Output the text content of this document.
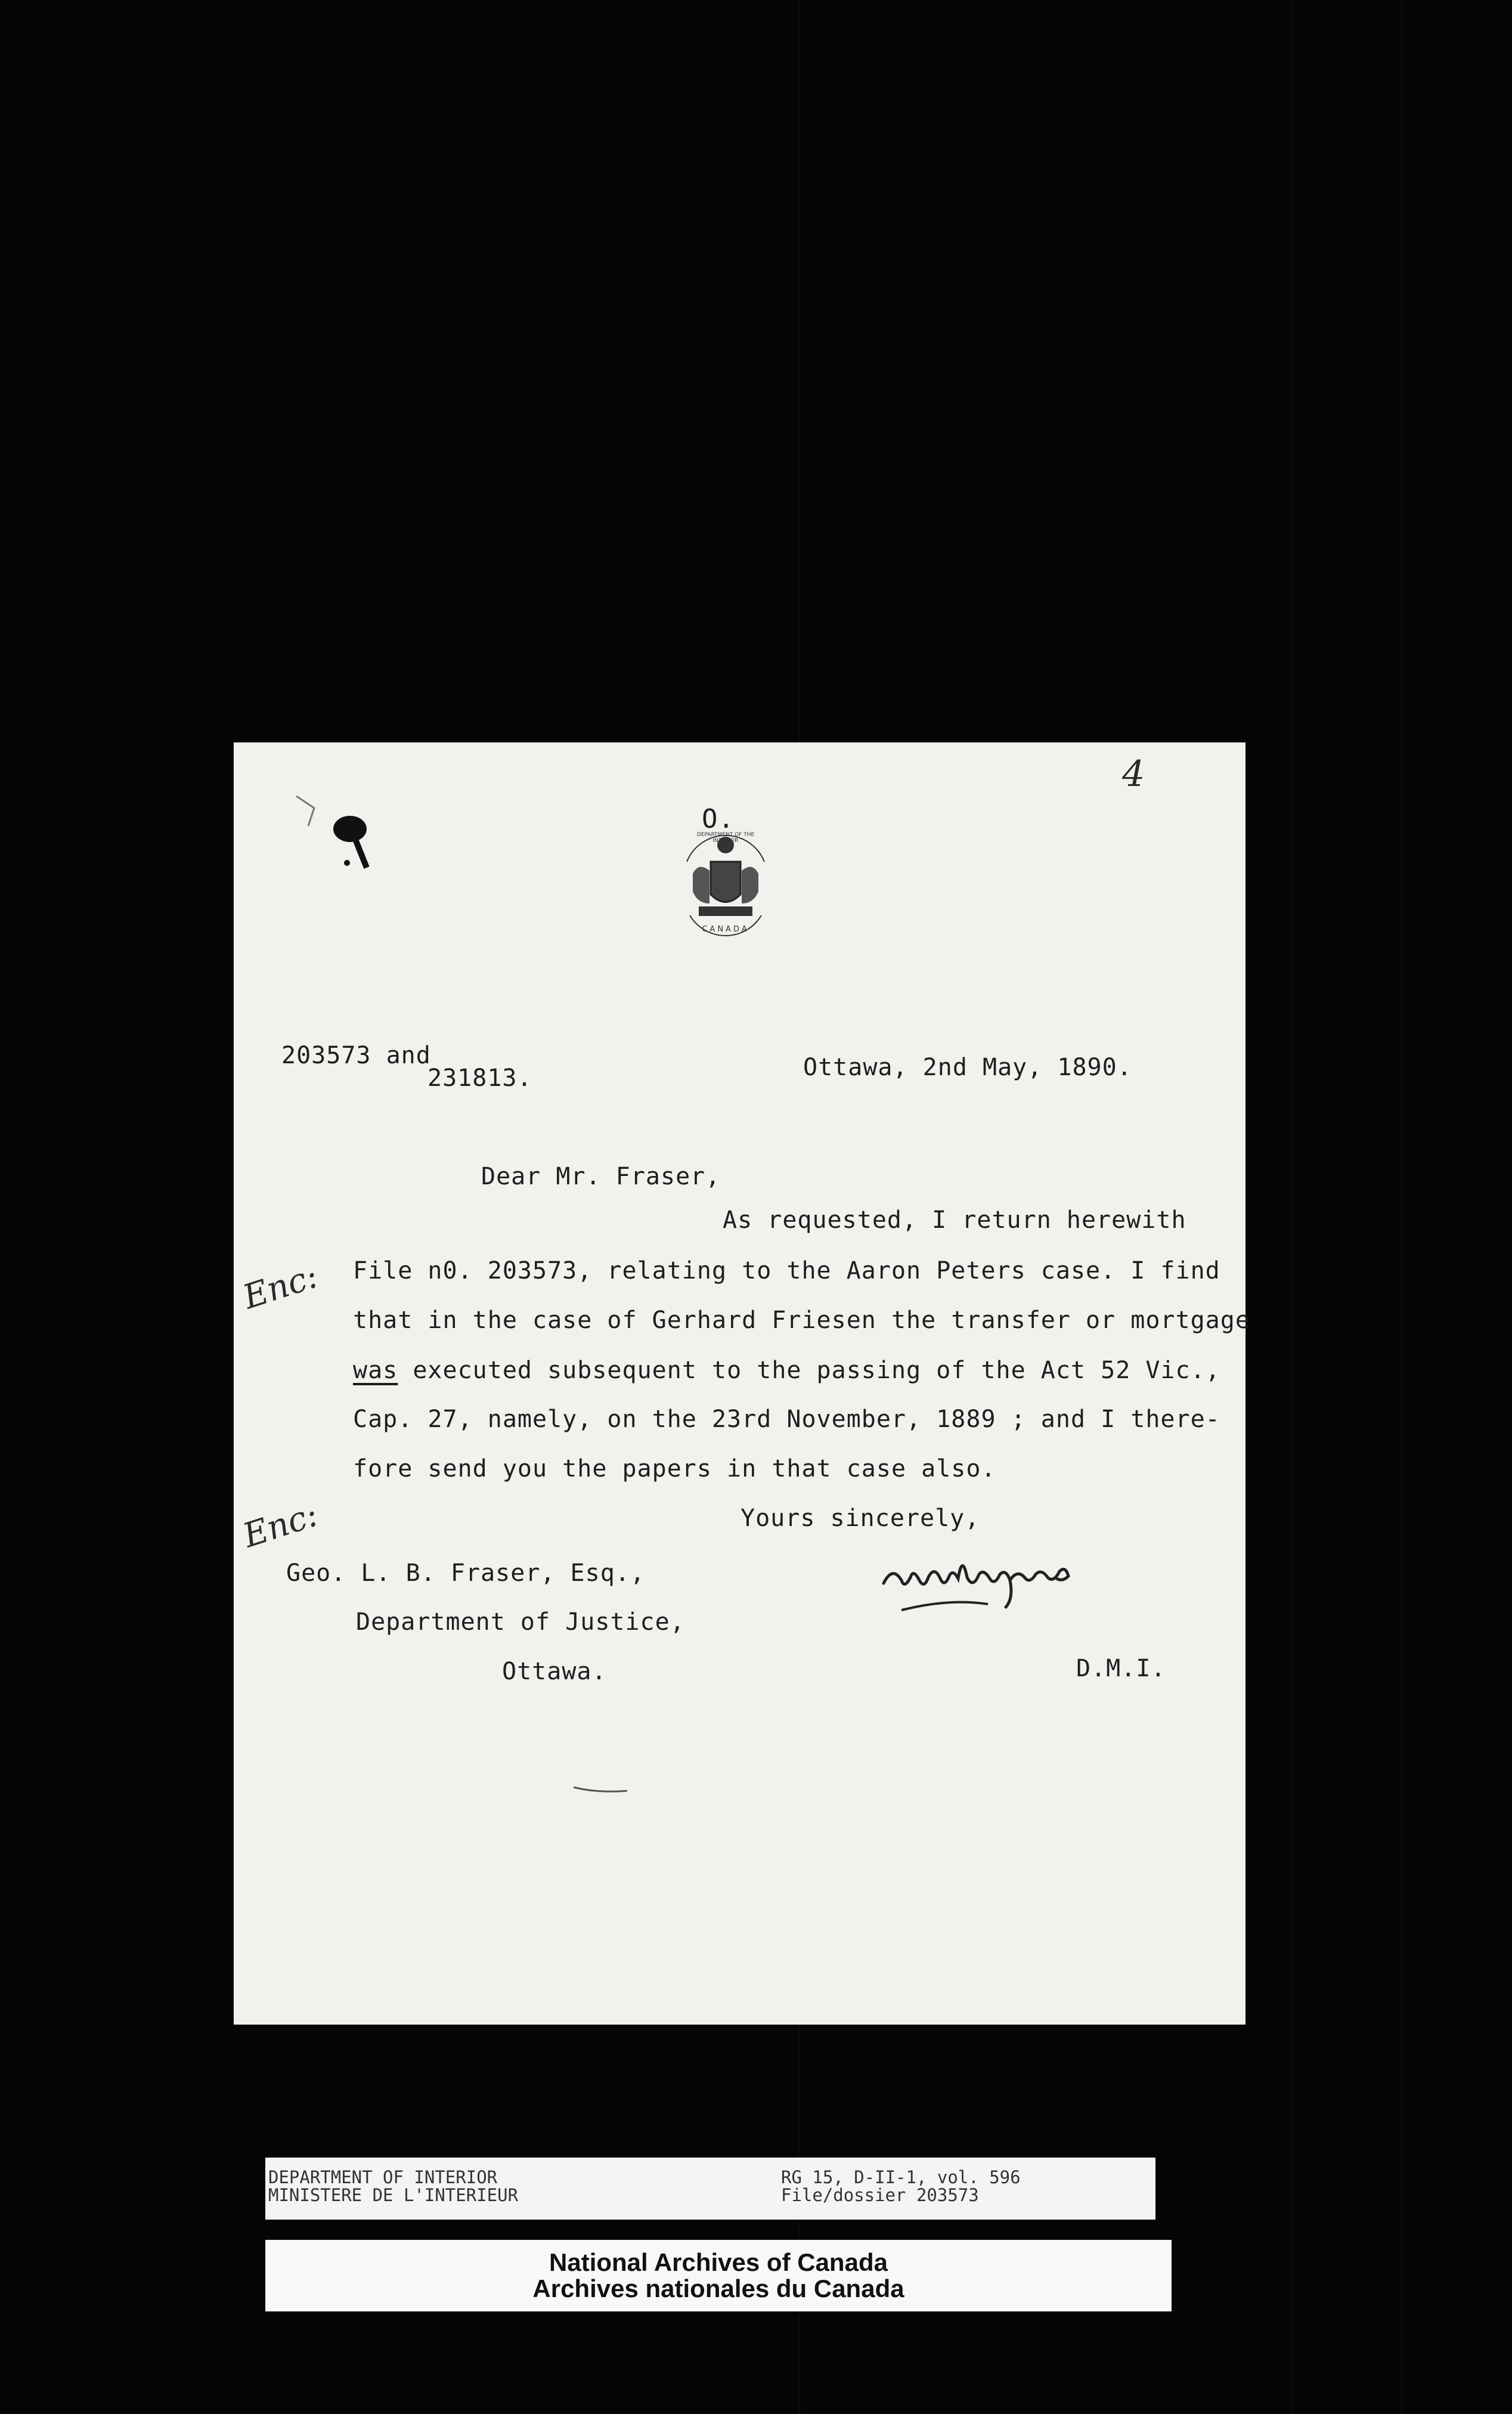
4
O.
DEPARTMENT OF THE INTERIOR
CANADA
203573 and
231813.	Ottawa, 2nd May, 1890.
Dear Mr. Fraser,
As requested, I return herewith
File n0. 203573, relating to the Aaron Peters case. I find
that in the case of Gerhard Friesen the transfer or mortgage
was executed subsequent to the passing of the Act 52 Vic.,
Cap. 27, namely, on the 23rd November, 1889 ; and I there-
fore send you the papers in that case also.
Enc:
Enc:	Yours sincerely,
Geo. L. B. Fraser, Esq.,
Department of Justice,
Ottawa.	D.M.I.
DEPARTMENT OF INTERIOR
MINISTERE DE L'INTERIEUR
RG 15, D-II-1, vol. 596
File/dossier 203573
National Archives of Canada
Archives nationales du Canada
